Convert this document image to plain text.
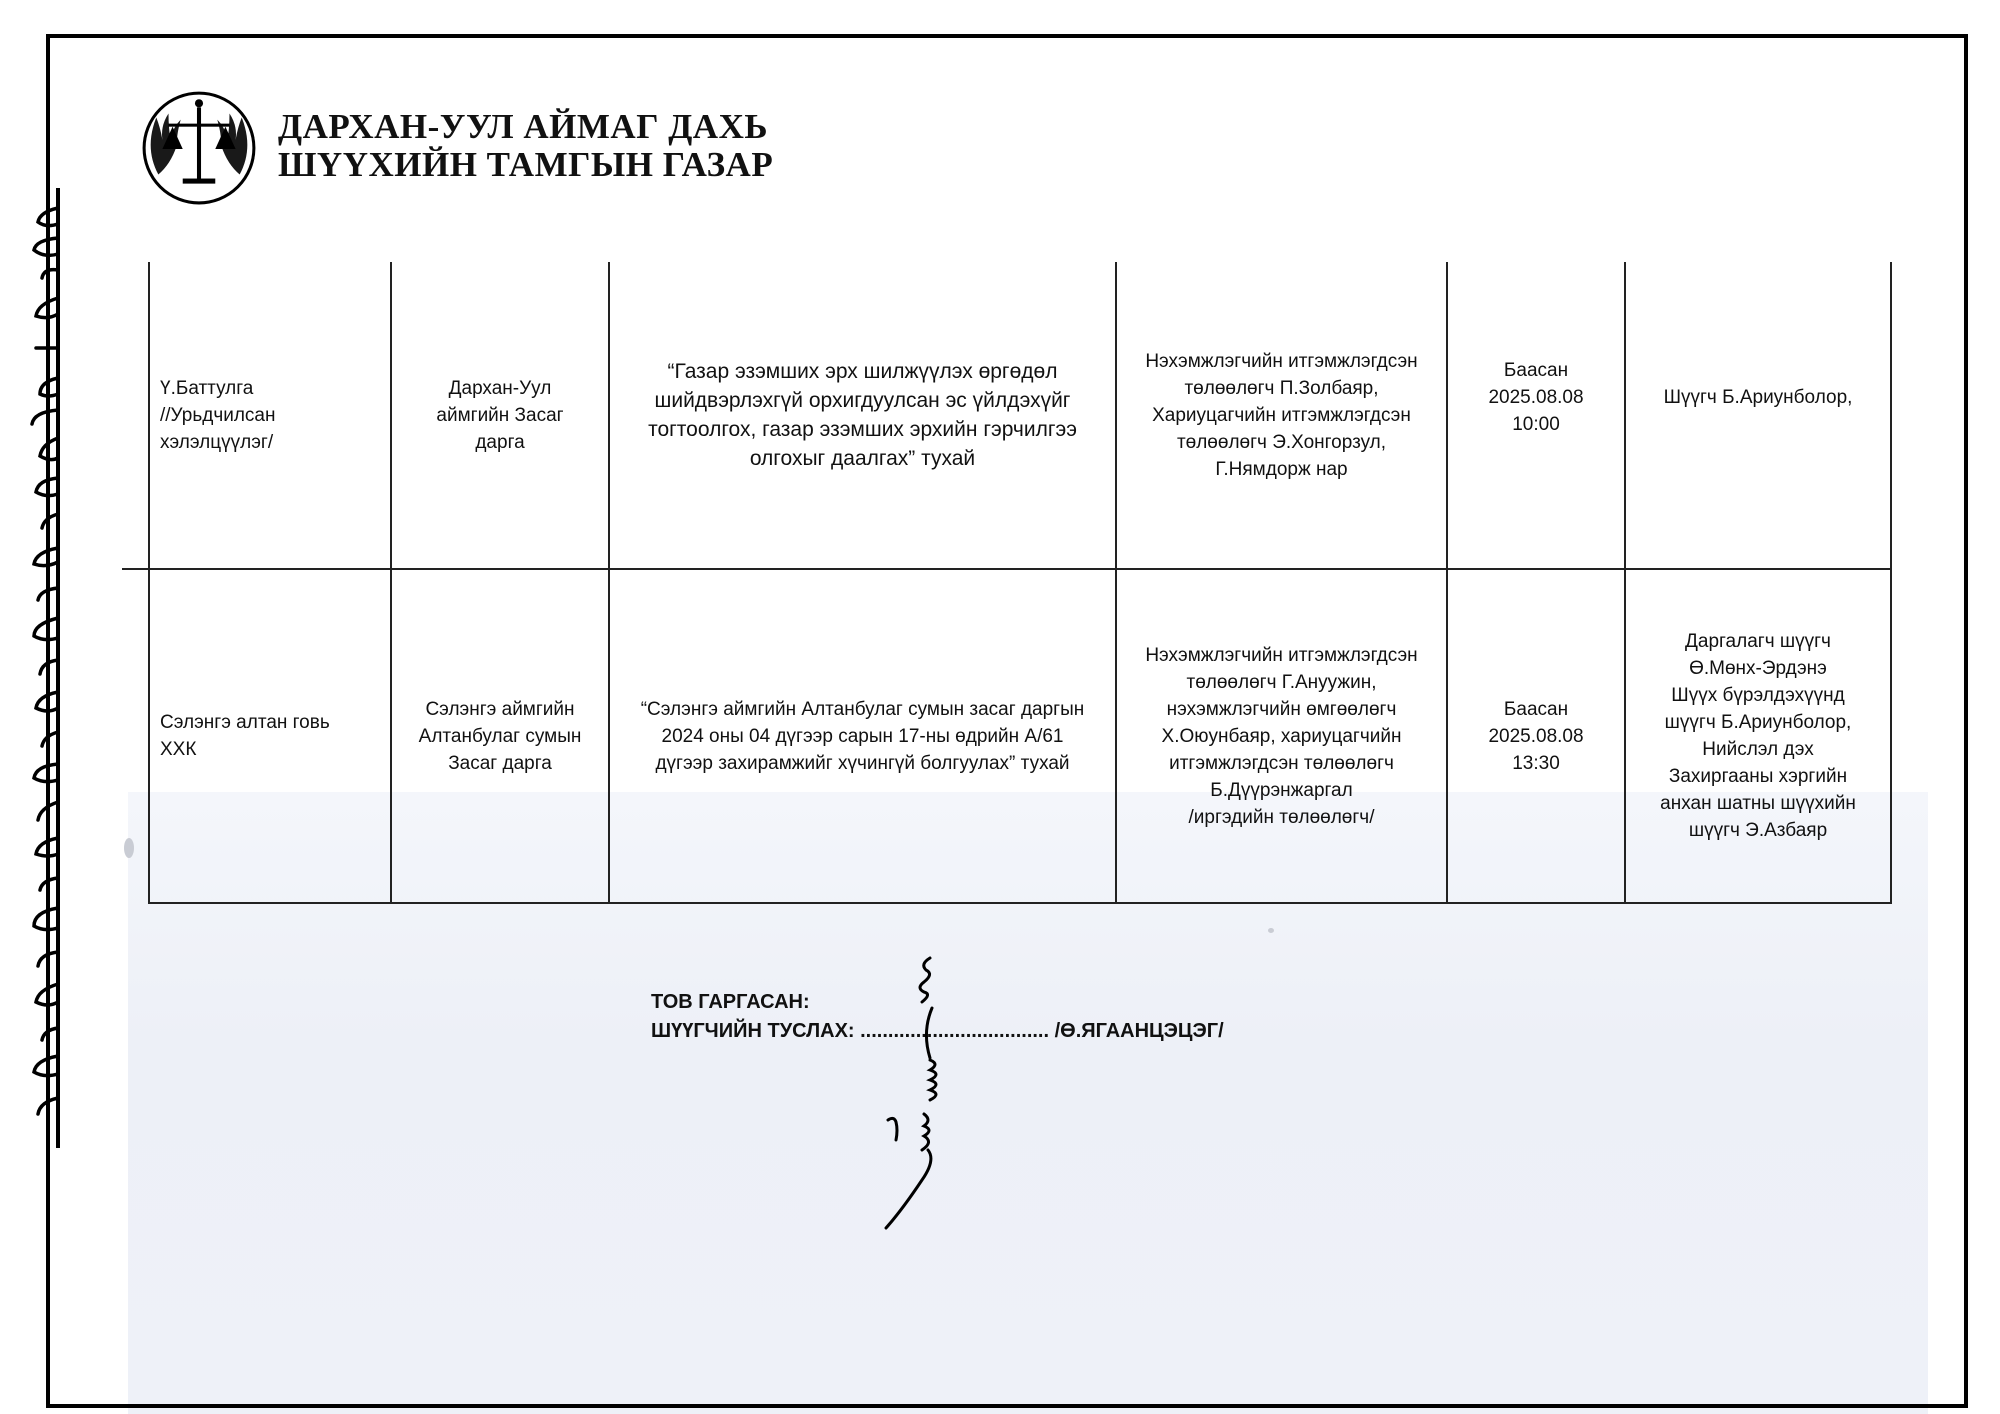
ДАРХАН-УУЛ АЙМАГ ДАХЬ
ШҮҮХИЙН ТАМГЫН ГАЗАР
Ү.Баттулга
//Урьдчилсан
хэлэлцүүлэг/
Дархан-Уул
аймгийн Засаг
дарга
“Газар эзэмших эрх шилжүүлэх өргөдөл
шийдвэрлэхгүй орхигдуулсан эс үйлдэхүйг
тогтоолгох, газар эзэмших эрхийн гэрчилгээ
олгохыг даалгах” тухай
Нэхэмжлэгчийн итгэмжлэгдсэн
төлөөлөгч П.Золбаяр,
Хариуцагчийн итгэмжлэгдсэн
төлөөлөгч Э.Хонгорзул,
Г.Нямдорж нар
Баасан
2025.08.08
10:00
Шүүгч Б.Ариунболор,
Сэлэнгэ алтан говь
ХХК
Сэлэнгэ аймгийн
Алтанбулаг сумын
Засаг дарга
“Сэлэнгэ аймгийн Алтанбулаг сумын засаг даргын
2024 оны 04 дүгээр сарын 17-ны өдрийн А/61
дүгээр захирамжийг хүчингүй болгуулах” тухай
Нэхэмжлэгчийн итгэмжлэгдсэн
төлөөлөгч Г.Ануужин,
нэхэмжлэгчийн өмгөөлөгч
Х.Оюунбаяр, хариуцагчийн
итгэмжлэгдсэн төлөөлөгч
Б.Дүүрэнжаргал
/иргэдийн төлөөлөгч/
Баасан
2025.08.08
13:30
Даргалагч шүүгч
Ө.Мөнх-Эрдэнэ
Шүүх бүрэлдэхүүнд
шүүгч Б.Ариунболор,
Нийслэл дэх
Захиргааны хэргийн
анхан шатны шүүхийн
шүүгч Э.Азбаяр
ТОВ ГАРГАСАН:
ШҮҮГЧИЙН ТУСЛАХ: .................................. /Ө.ЯГААНЦЭЦЭГ/
